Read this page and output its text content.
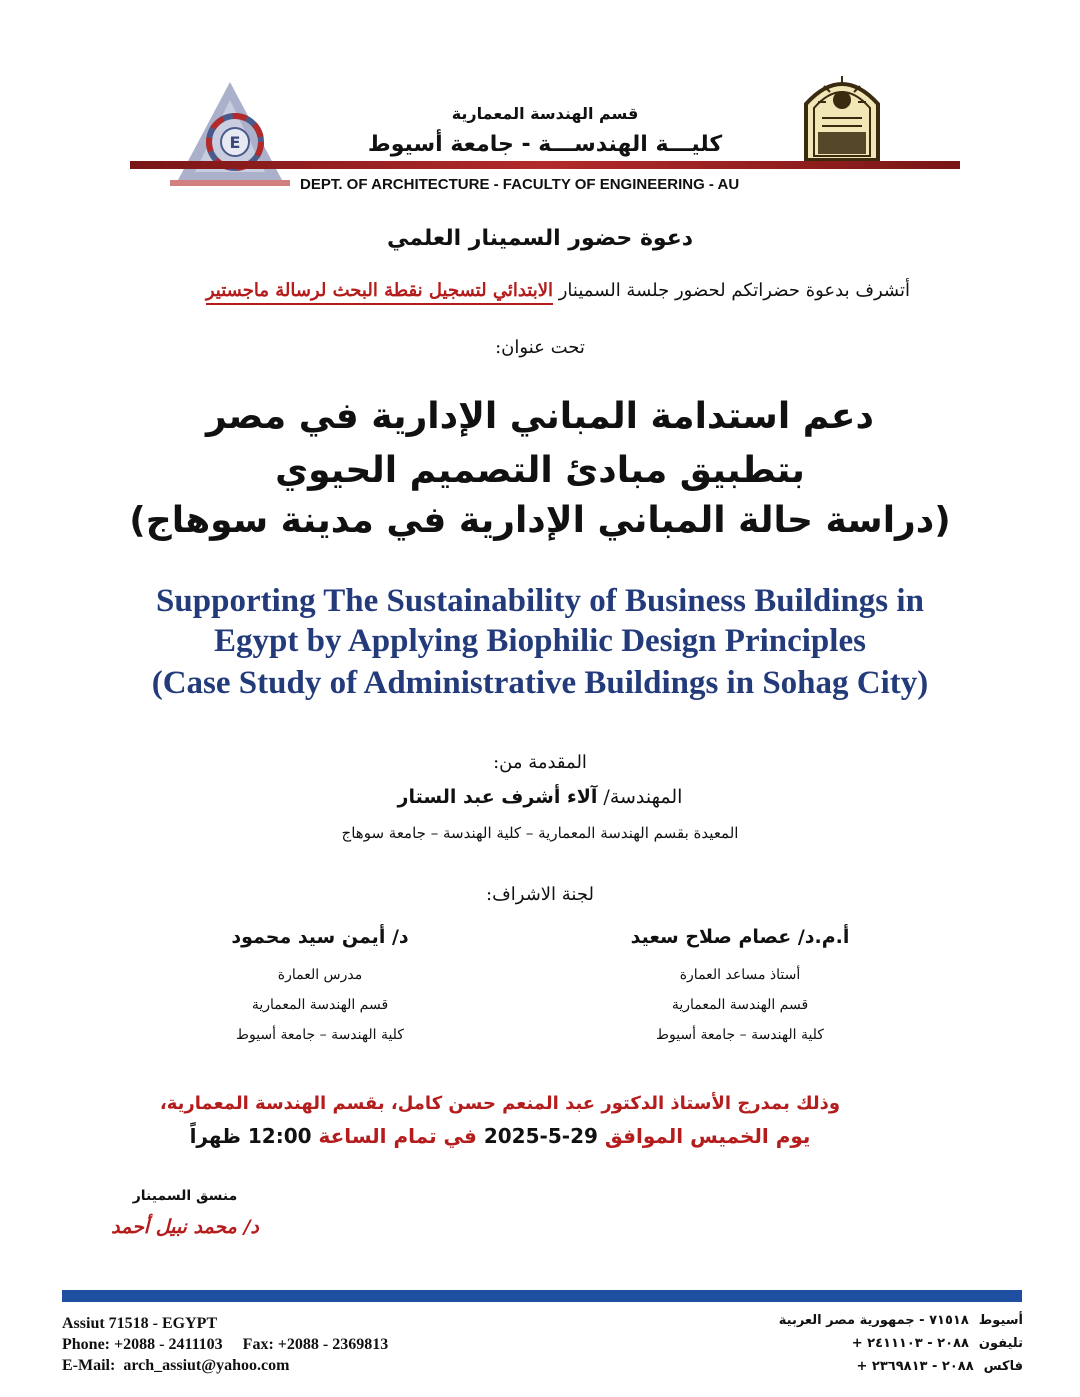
E
قسم الهندسة المعمارية
كليـــة الهندســـة - جامعة أسيوط
DEPT. OF ARCHITECTURE - FACULTY OF ENGINEERING - AU
دعوة حضور السمينار العلمي
أتشرف بدعوة حضراتكم لحضور جلسة السمينار الابتدائي لتسجيل نقطة البحث لرسالة ماجستير
تحت عنوان:
دعم استدامة المباني الإدارية في مصر
بتطبيق مبادئ التصميم الحيوي
(دراسة حالة المباني الإدارية في مدينة سوهاج)
Supporting The Sustainability of Business Buildings in
Egypt by Applying Biophilic Design Principles
(Case Study of Administrative Buildings in Sohag City)
المقدمة من:
المهندسة/ آلاء أشرف عبد الستار
المعيدة بقسم الهندسة المعمارية – كلية الهندسة – جامعة سوهاج
لجنة الاشراف:
أ.م.د/ عصام صلاح سعيد
أستاذ مساعد العمارة
قسم الهندسة المعمارية
كلية الهندسة – جامعة أسيوط
د/ أيمن سيد محمود
مدرس العمارة
قسم الهندسة المعمارية
كلية الهندسة – جامعة أسيوط
وذلك بمدرج الأستاذ الدكتور عبد المنعم حسن كامل، بقسم الهندسة المعمارية،
يوم الخميس الموافق 29-5-2025 في تمام الساعة 12:00 ظهراً
منسق السمينار
د/ محمد نبيل أحمد
Assiut 71518 - EGYPT
Phone: +2088 - 2411103     Fax: +2088 - 2369813
E-Mail:  arch_assiut@yahoo.com
أسيوط٧١٥١٨ - جمهورية مصر العربية
تليفون٢٠٨٨ - ٢٤١١١٠٣ +
فاكس٢٠٨٨ - ٢٣٦٩٨١٣ +
